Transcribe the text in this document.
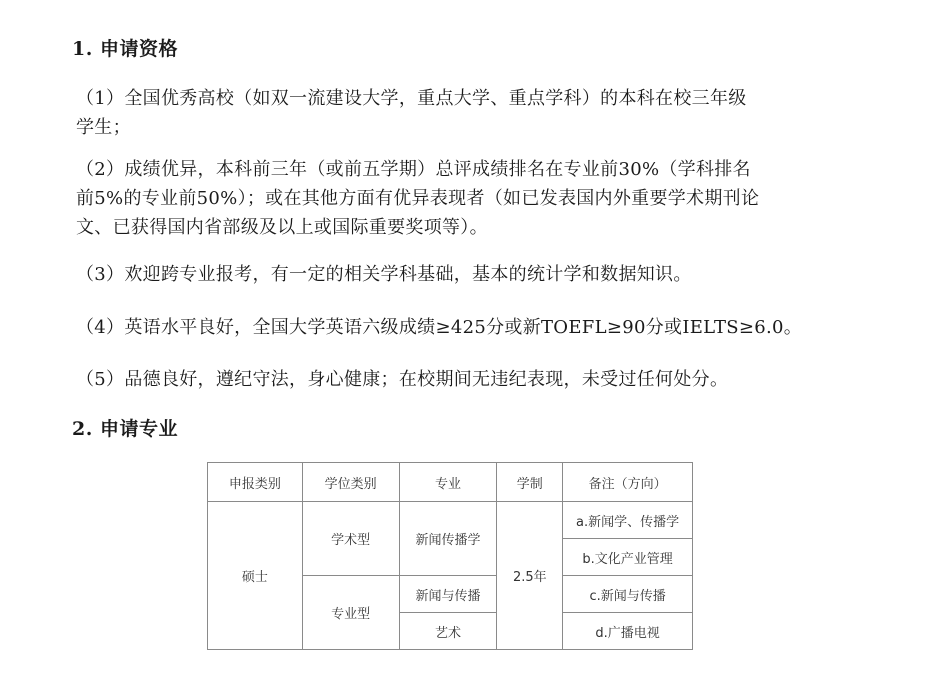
1. 申请资格
（1）全国优秀高校（如双一流建设大学，重点大学、重点学科）的本科在校三年级
学生；
（2）成绩优异，本科前三年（或前五学期）总评成绩排名在专业前30%（学科排名
前5%的专业前50%）；或在其他方面有优异表现者（如已发表国内外重要学术期刊论
文、已获得国内省部级及以上或国际重要奖项等）。
（3）欢迎跨专业报考，有一定的相关学科基础，基本的统计学和数据知识。
（4）英语水平良好，全国大学英语六级成绩≥425分或新TOEFL≥90分或IELTS≥6.0。
（5）品德良好，遵纪守法，身心健康；在校期间无违纪表现，未受过任何处分。
2. 申请专业
申报类别	学位类别	专业	学制	备注（方向）
硕士	学术型	新闻传播学	2.5年	a.新闻学、传播学
				b.文化产业管理
	专业型	新闻与传播		c.新闻与传播
		艺术		d.广播电视
